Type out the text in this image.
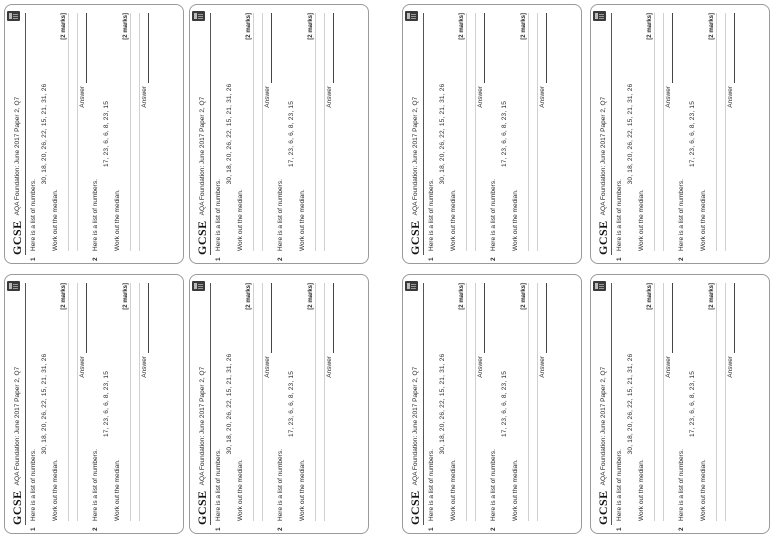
GCSE
AQA Foundation: June 2017 Paper 2, Q7
1
Here is a list of numbers.
30, 18, 20, 26, 22, 15, 21, 31, 26
Work out the median.
[2 marks]
Answer
2
Here is a list of numbers.
17, 23, 6, 6, 8, 23, 15
Work out the median.
[2 marks]
Answer
GCSE
AQA Foundation: June 2017 Paper 2, Q7
1
Here is a list of numbers.
30, 18, 20, 26, 22, 15, 21, 31, 26
Work out the median.
[2 marks]
Answer
2
Here is a list of numbers.
17, 23, 6, 6, 8, 23, 15
Work out the median.
[2 marks]
Answer
GCSE
AQA Foundation: June 2017 Paper 2, Q7
1
Here is a list of numbers.
30, 18, 20, 26, 22, 15, 21, 31, 26
Work out the median.
[2 marks]
Answer
2
Here is a list of numbers.
17, 23, 6, 6, 8, 23, 15
Work out the median.
[2 marks]
Answer
GCSE
AQA Foundation: June 2017 Paper 2, Q7
1
Here is a list of numbers.
30, 18, 20, 26, 22, 15, 21, 31, 26
Work out the median.
[2 marks]
Answer
2
Here is a list of numbers.
17, 23, 6, 6, 8, 23, 15
Work out the median.
[2 marks]
Answer
GCSE
AQA Foundation: June 2017 Paper 2, Q7
1
Here is a list of numbers.
30, 18, 20, 26, 22, 15, 21, 31, 26
Work out the median.
[2 marks]
Answer
2
Here is a list of numbers.
17, 23, 6, 6, 8, 23, 15
Work out the median.
[2 marks]
Answer
GCSE
AQA Foundation: June 2017 Paper 2, Q7
1
Here is a list of numbers.
30, 18, 20, 26, 22, 15, 21, 31, 26
Work out the median.
[2 marks]
Answer
2
Here is a list of numbers.
17, 23, 6, 6, 8, 23, 15
Work out the median.
[2 marks]
Answer
GCSE
AQA Foundation: June 2017 Paper 2, Q7
1
Here is a list of numbers.
30, 18, 20, 26, 22, 15, 21, 31, 26
Work out the median.
[2 marks]
Answer
2
Here is a list of numbers.
17, 23, 6, 6, 8, 23, 15
Work out the median.
[2 marks]
Answer
GCSE
AQA Foundation: June 2017 Paper 2, Q7
1
Here is a list of numbers.
30, 18, 20, 26, 22, 15, 21, 31, 26
Work out the median.
[2 marks]
Answer
2
Here is a list of numbers.
17, 23, 6, 6, 8, 23, 15
Work out the median.
[2 marks]
Answer
